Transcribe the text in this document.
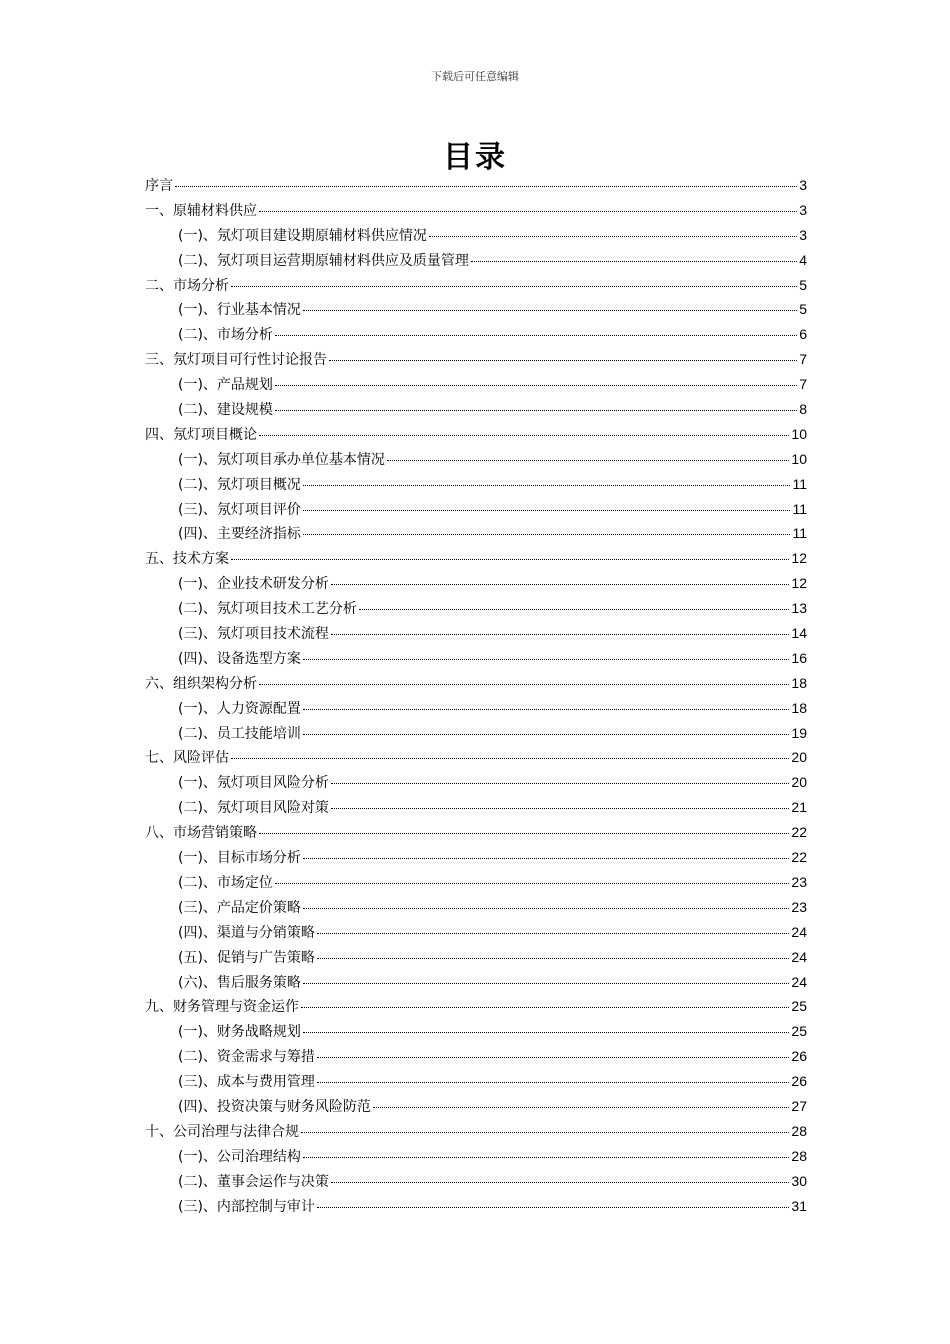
下载后可任意编辑
目录
序言	3
一、原辅材料供应	3
(一)、氖灯项目建设期原辅材料供应情况	3
(二)、氖灯项目运营期原辅材料供应及质量管理	4
二、市场分析	5
(一)、行业基本情况	5
(二)、市场分析	6
三、氖灯项目可行性讨论报告	7
(一)、产品规划	7
(二)、建设规模	8
四、氖灯项目概论	10
(一)、氖灯项目承办单位基本情况	10
(二)、氖灯项目概况	11
(三)、氖灯项目评价	11
(四)、主要经济指标	11
五、技术方案	12
(一)、企业技术研发分析	12
(二)、氖灯项目技术工艺分析	13
(三)、氖灯项目技术流程	14
(四)、设备选型方案	16
六、组织架构分析	18
(一)、人力资源配置	18
(二)、员工技能培训	19
七、风险评估	20
(一)、氖灯项目风险分析	20
(二)、氖灯项目风险对策	21
八、市场营销策略	22
(一)、目标市场分析	22
(二)、市场定位	23
(三)、产品定价策略	23
(四)、渠道与分销策略	24
(五)、促销与广告策略	24
(六)、售后服务策略	24
九、财务管理与资金运作	25
(一)、财务战略规划	25
(二)、资金需求与筹措	26
(三)、成本与费用管理	26
(四)、投资决策与财务风险防范	27
十、公司治理与法律合规	28
(一)、公司治理结构	28
(二)、董事会运作与决策	30
(三)、内部控制与审计	31
